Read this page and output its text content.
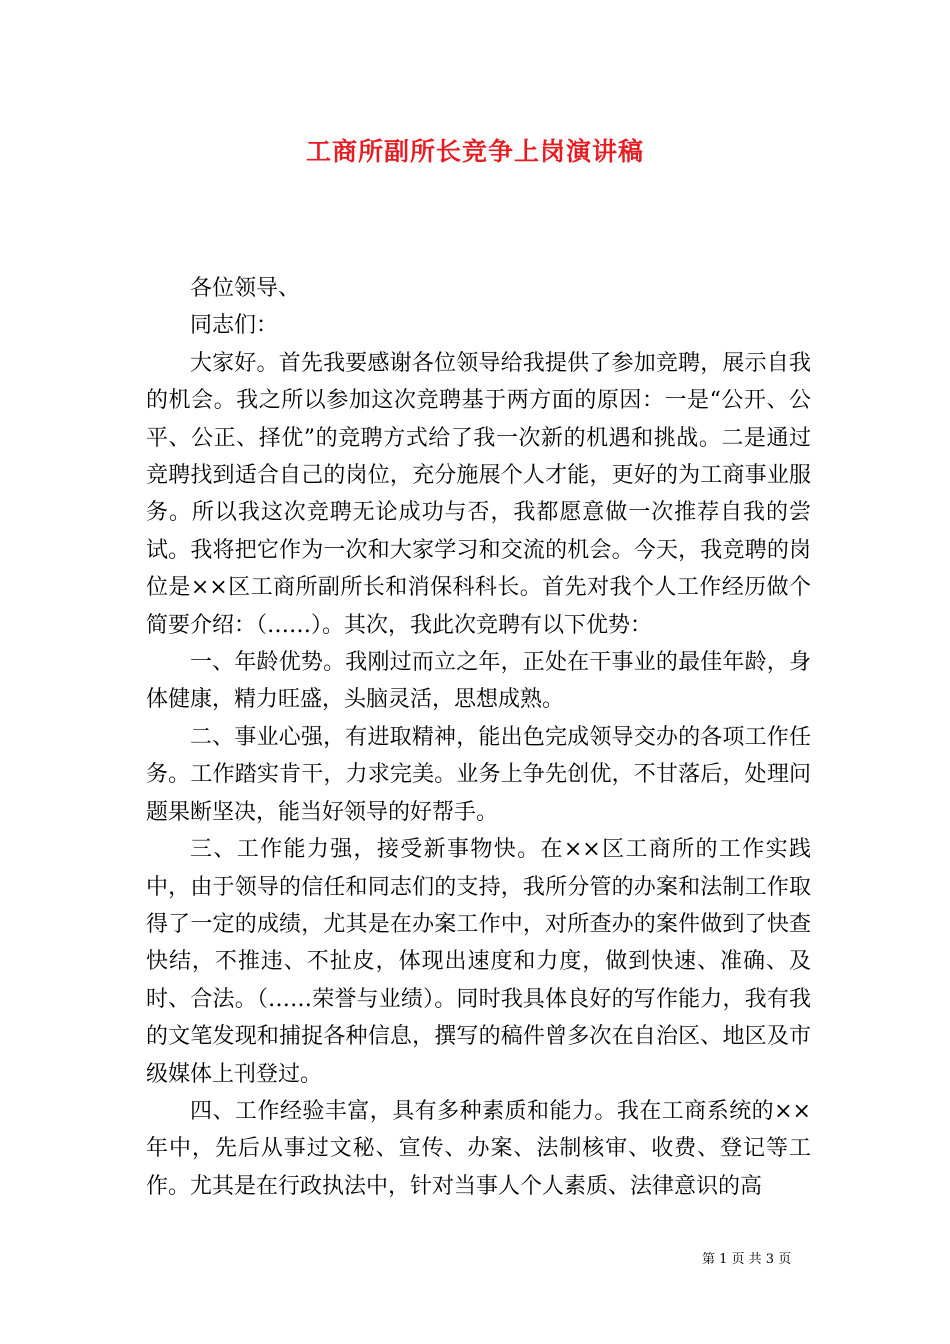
工商所副所长竞争上岗演讲稿

各位领导、

同志们：

大家好。首先我要感谢各位领导给我提供了参加竞聘，展示自我的机会。我之所以参加这次竞聘基于两方面的原因：一是“公开、公平、公正、择优”的竞聘方式给了我一次新的机遇和挑战。二是通过竞聘找到适合自己的岗位，充分施展个人才能，更好的为工商事业服务。所以我这次竞聘无论成功与否，我都愿意做一次推荐自我的尝试。我将把它作为一次和大家学习和交流的机会。今天，我竞聘的岗位是××区工商所副所长和消保科科长。首先对我个人工作经历做个简要介绍：（……）。其次，我此次竞聘有以下优势：

一、年龄优势。我刚过而立之年，正处在干事业的最佳年龄，身体健康，精力旺盛，头脑灵活，思想成熟。

二、事业心强，有进取精神，能出色完成领导交办的各项工作任务。工作踏实肯干，力求完美。业务上争先创优，不甘落后，处理问题果断坚决，能当好领导的好帮手。

三、工作能力强，接受新事物快。在××区工商所的工作实践中，由于领导的信任和同志们的支持，我所分管的办案和法制工作取得了一定的成绩，尤其是在办案工作中，对所查办的案件做到了快查快结，不推违、不扯皮，体现出速度和力度，做到快速、准确、及时、合法。（……荣誉与业绩）。同时我具体良好的写作能力，我有我的文笔发现和捕捉各种信息，撰写的稿件曾多次在自治区、地区及市级媒体上刊登过。

四、工作经验丰富，具有多种素质和能力。我在工商系统的××年中，先后从事过文秘、宣传、办案、法制核审、收费、登记等工作。尤其是在行政执法中，针对当事人个人素质、法律意识的高

第 1 页 共 3 页
